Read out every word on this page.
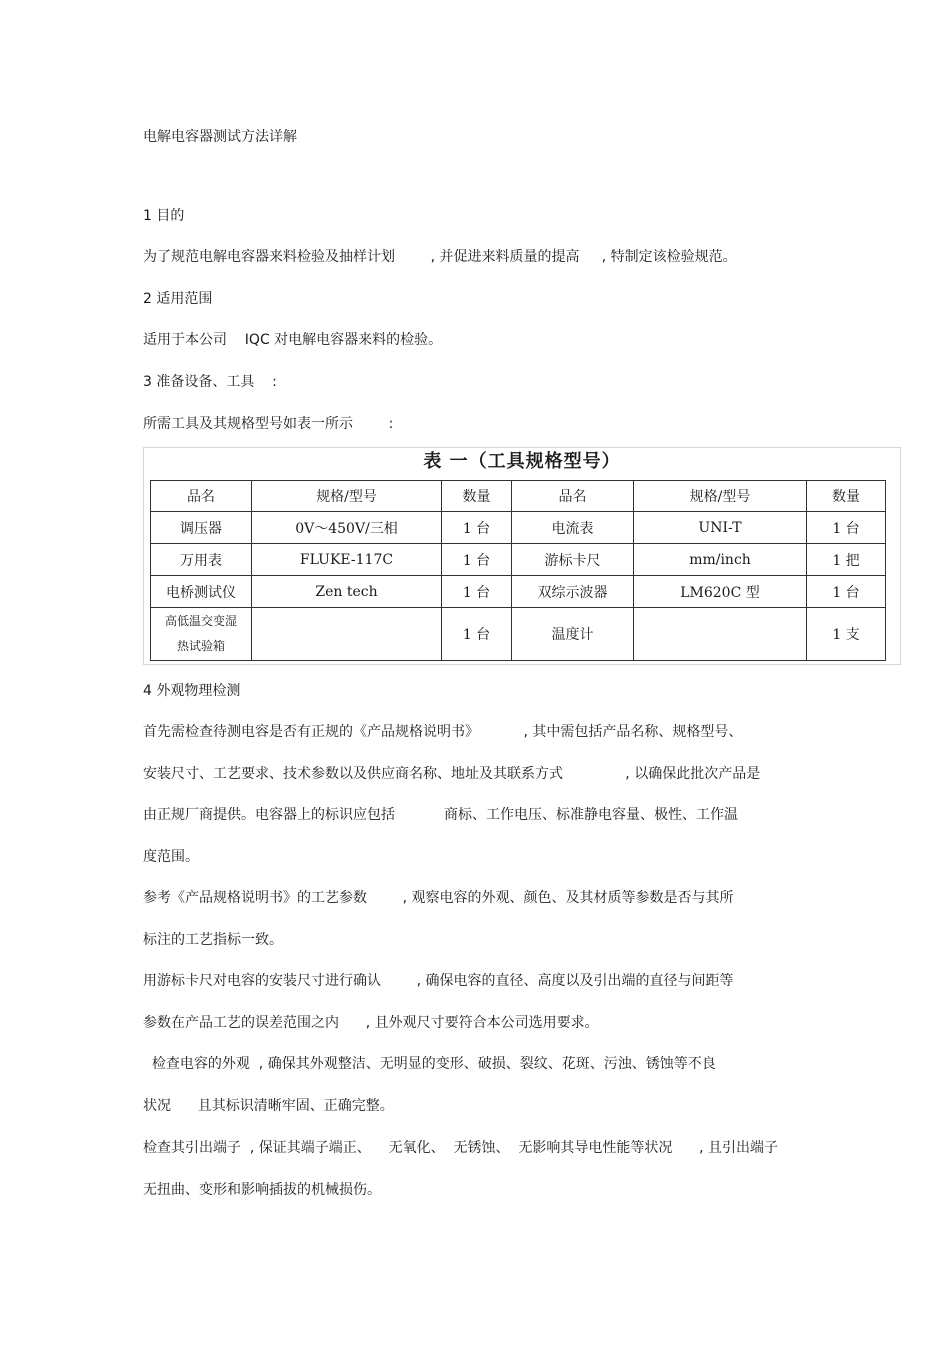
电解电容器测试方法详解

1 目的

为了规范电解电容器来料检验及抽样计划        , 并促进来料质量的提高     , 特制定该检验规范。

2 适用范围

适用于本公司    IQC 对电解电容器来料的检验。

3 准备设备、工具    :

所需工具及其规格型号如表一所示        :

表 一（工具规格型号）
品名	规格/型号	数量	品名	规格/型号	数量
调压器	0V～450V/三相	1 台	电流表	UNI-T	1 台
万用表	FLUKE-117C	1 台	游标卡尺	mm/inch	1 把
电桥测试仪	Zen tech	1 台	双综示波器	LM620C 型	1 台
高低温交变湿
热试验箱		1 台	温度计		1 支

4 外观物理检测

首先需检查待测电容是否有正规的《产品规格说明书》          , 其中需包括产品名称、规格型号、

安装尺寸、工艺要求、技术参数以及供应商名称、地址及其联系方式              , 以确保此批次产品是

由正规厂商提供。电容器上的标识应包括           商标、工作电压、标准静电容量、极性、工作温

度范围。

参考《产品规格说明书》的工艺参数        , 观察电容的外观、颜色、及其材质等参数是否与其所

标注的工艺指标一致。

用游标卡尺对电容的安装尺寸进行确认        , 确保电容的直径、高度以及引出端的直径与间距等

参数在产品工艺的误差范围之内      , 且外观尺寸要符合本公司选用要求。

检查电容的外观  , 确保其外观整洁、无明显的变形、破损、裂纹、花斑、污浊、锈蚀等不良

状况      且其标识清晰牢固、正确完整。

检查其引出端子  , 保证其端子端正、    无氧化、  无锈蚀、  无影响其导电性能等状况      , 且引出端子

无扭曲、变形和影响插拔的机械损伤。
